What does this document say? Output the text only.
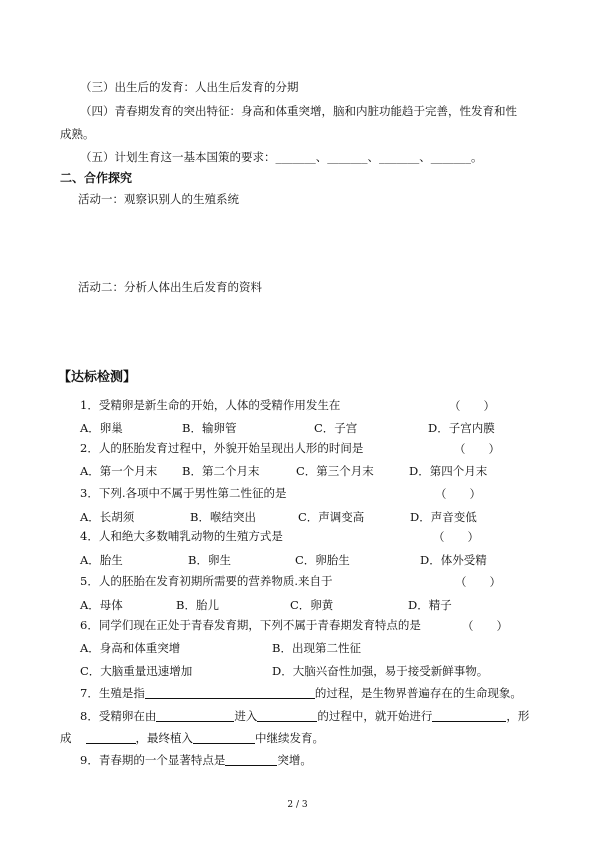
（三）出生后的发育：人出生后发育的分期
（四）青春期发育的突出特征：身高和体重突增，脑和内脏功能趋于完善，性发育和性
成熟。
（五）计划生育这一基本国策的要求：_______、_______、_______、_______。
二、合作探究
活动一：观察识别人的生殖系统
活动二：分析人体出生后发育的资料
【达标检测】
1．受精卵是新生命的开始，人体的受精作用发生在	（　　）
A．卵巢	B．输卵管	C．子宫	D．子宫内膜
2．人的胚胎发育过程中，外貌开始呈现出人形的时间是	（　　）
A．第一个月末 B．第二个月末	C．第三个月末	D．第四个月末
3．下列.各项中不属于男性第二性征的是	（　　）
A．长胡须	B．喉结突出	C．声调变高	D．声音变低
4．人和绝大多数哺乳动物的生殖方式是	（　　）
A．胎生	B．卵生	C．卵胎生	D．体外受精
5．人的胚胎在发育初期所需要的营养物质.来自于	（　　）
A．母体	B．胎儿	C．卵黄	D．精子
6．同学们现在正处于青春发育期，下列不属于青春期发育特点的是	（　　）
A．身高和体重突增	B．出现第二性征
C．大脑重量迅速增加	D．大脑兴奋性加强，易于接受新鲜事物。
7．生殖是指	的过程，是生物界普遍存在的生命现象。
8．受精卵在由	进入	的过程中，就开始进行	，形
成	，最终植入	中继续发育。
9．青春期的一个显著特点是	突增。
2 / 3
